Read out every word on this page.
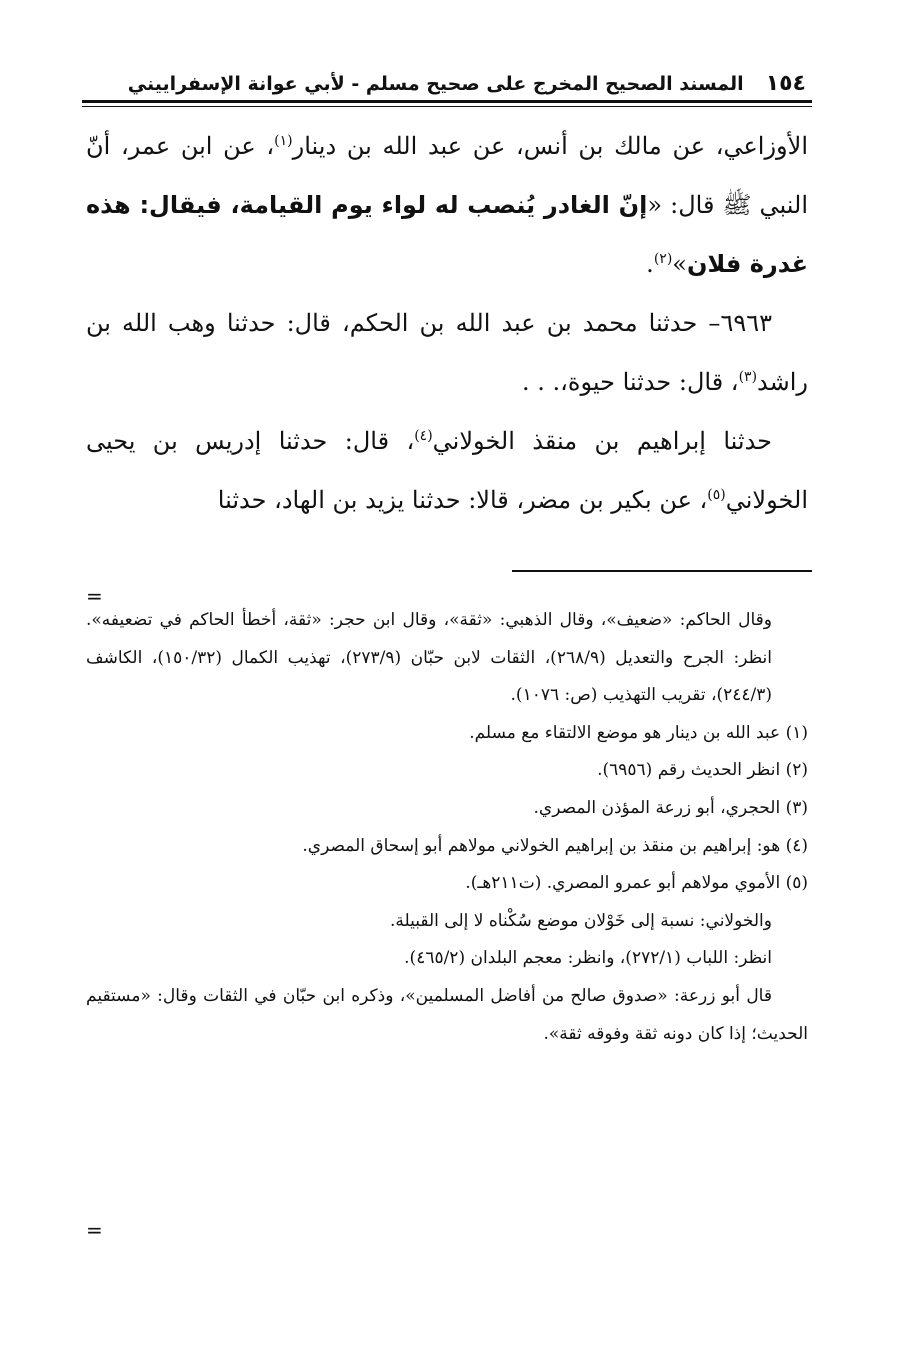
١٥٤
المسند الصحيح المخرج على صحيح مسلم - لأبي عوانة الإسفراييني

الأوزاعي، عن مالك بن أنس، عن عبد الله بن دينار$^{(١)}$، عن ابن عمر، أنّ النبي ﷺ قال: «إنّ الغادر يُنصب له لواء يوم القيامة، فيقال: هذه غدرة فلان»$^{(٢)}$.

٦٩٦٣– حدثنا محمد بن عبد الله بن الحكم، قال: حدثنا وهب الله بن راشد$^{(٣)}$، قال: حدثنا حيوة،. . .

حدثنا إبراهيم بن منقذ الخولاني$^{(٤)}$، قال: حدثنا إدريس بن يحيى الخولاني$^{(٥)}$، عن بكير بن مضر، قالا: حدثنا يزيد بن الهاد، حدثنا

=

وقال الحاكم: «ضعيف»، وقال الذهبي: «ثقة»، وقال ابن حجر: «ثقة، أخطأ الحاكم في تضعيفه». انظر: الجرح والتعديل (٢٦٨/٩)، الثقات لابن حبّان (٢٧٣/٩)، تهذيب الكمال (١٥٠/٣٢)، الكاشف (٢٤٤/٣)، تقريب التهذيب (ص: ١٠٧٦).

(١) عبد الله بن دينار هو موضع الالتقاء مع مسلم.

(٢) انظر الحديث رقم (٦٩٥٦).

(٣) الحجري، أبو زرعة المؤذن المصري.

(٤) هو: إبراهيم بن منقذ بن إبراهيم الخولاني مولاهم أبو إسحاق المصري.

(٥) الأموي مولاهم أبو عمرو المصري. (ت٢١١هـ).

والخولاني: نسبة إلى خَوْلان موضع سُكْناه لا إلى القبيلة.

انظر: اللباب (٢٧٢/١)، وانظر: معجم البلدان (٤٦٥/٢).

قال أبو زرعة: «صدوق صالح من أفاضل المسلمين»، وذكره ابن حبّان في الثقات وقال: «مستقيم الحديث؛ إذا كان دونه ثقة وفوقه ثقة».

=
